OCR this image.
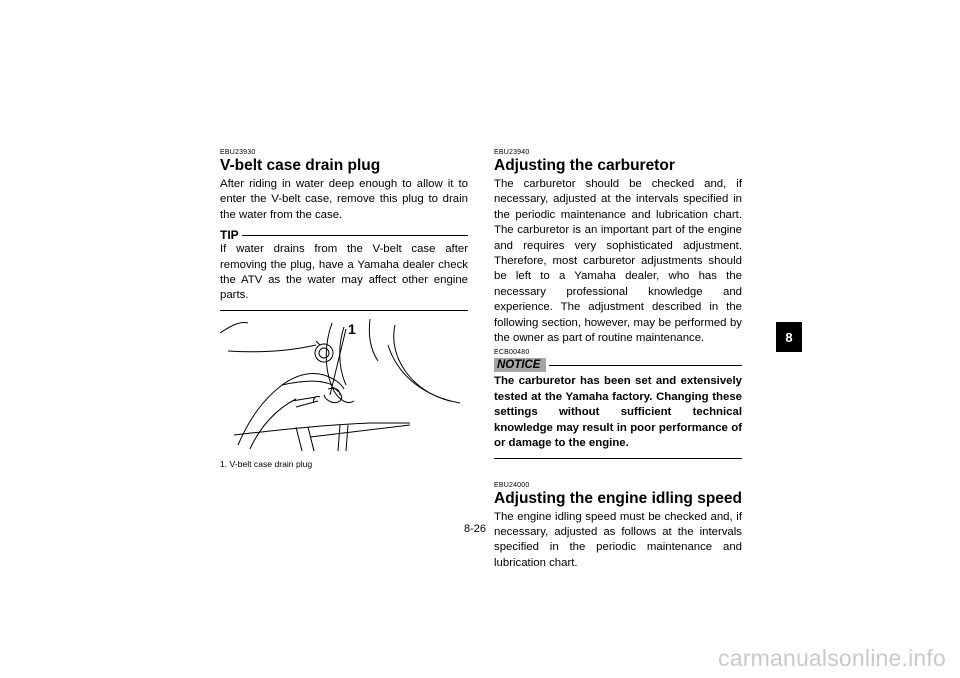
EBU23930
V-belt case drain plug

After riding in water deep enough to allow it to enter the V-belt case, remove this plug to drain the water from the case.

TIP

If water drains from the V-belt case after removing the plug, have a Yamaha dealer check the ATV as the water may affect other engine parts.

1
1. V-belt case drain plug
EBU23940
Adjusting the carburetor

The carburetor should be checked and, if necessary, adjusted at the intervals specified in the periodic maintenance and lubrication chart. The carburetor is an important part of the engine and requires very sophisticated adjustment. Therefore, most carburetor adjustments should be left to a Yamaha dealer, who has the necessary professional knowledge and experience. The adjustment described in the following section, however, may be performed by the owner as part of routine maintenance.

ECB00480
NOTICE

The carburetor has been set and extensively tested at the Yamaha factory. Changing these settings without sufficient technical knowledge may result in poor performance of or damage to the engine.

EBU24000
Adjusting the engine idling speed

The engine idling speed must be checked and, if necessary, adjusted as follows at the intervals specified in the periodic maintenance and lubrication chart.

8
8-26
carmanualsonline.info
